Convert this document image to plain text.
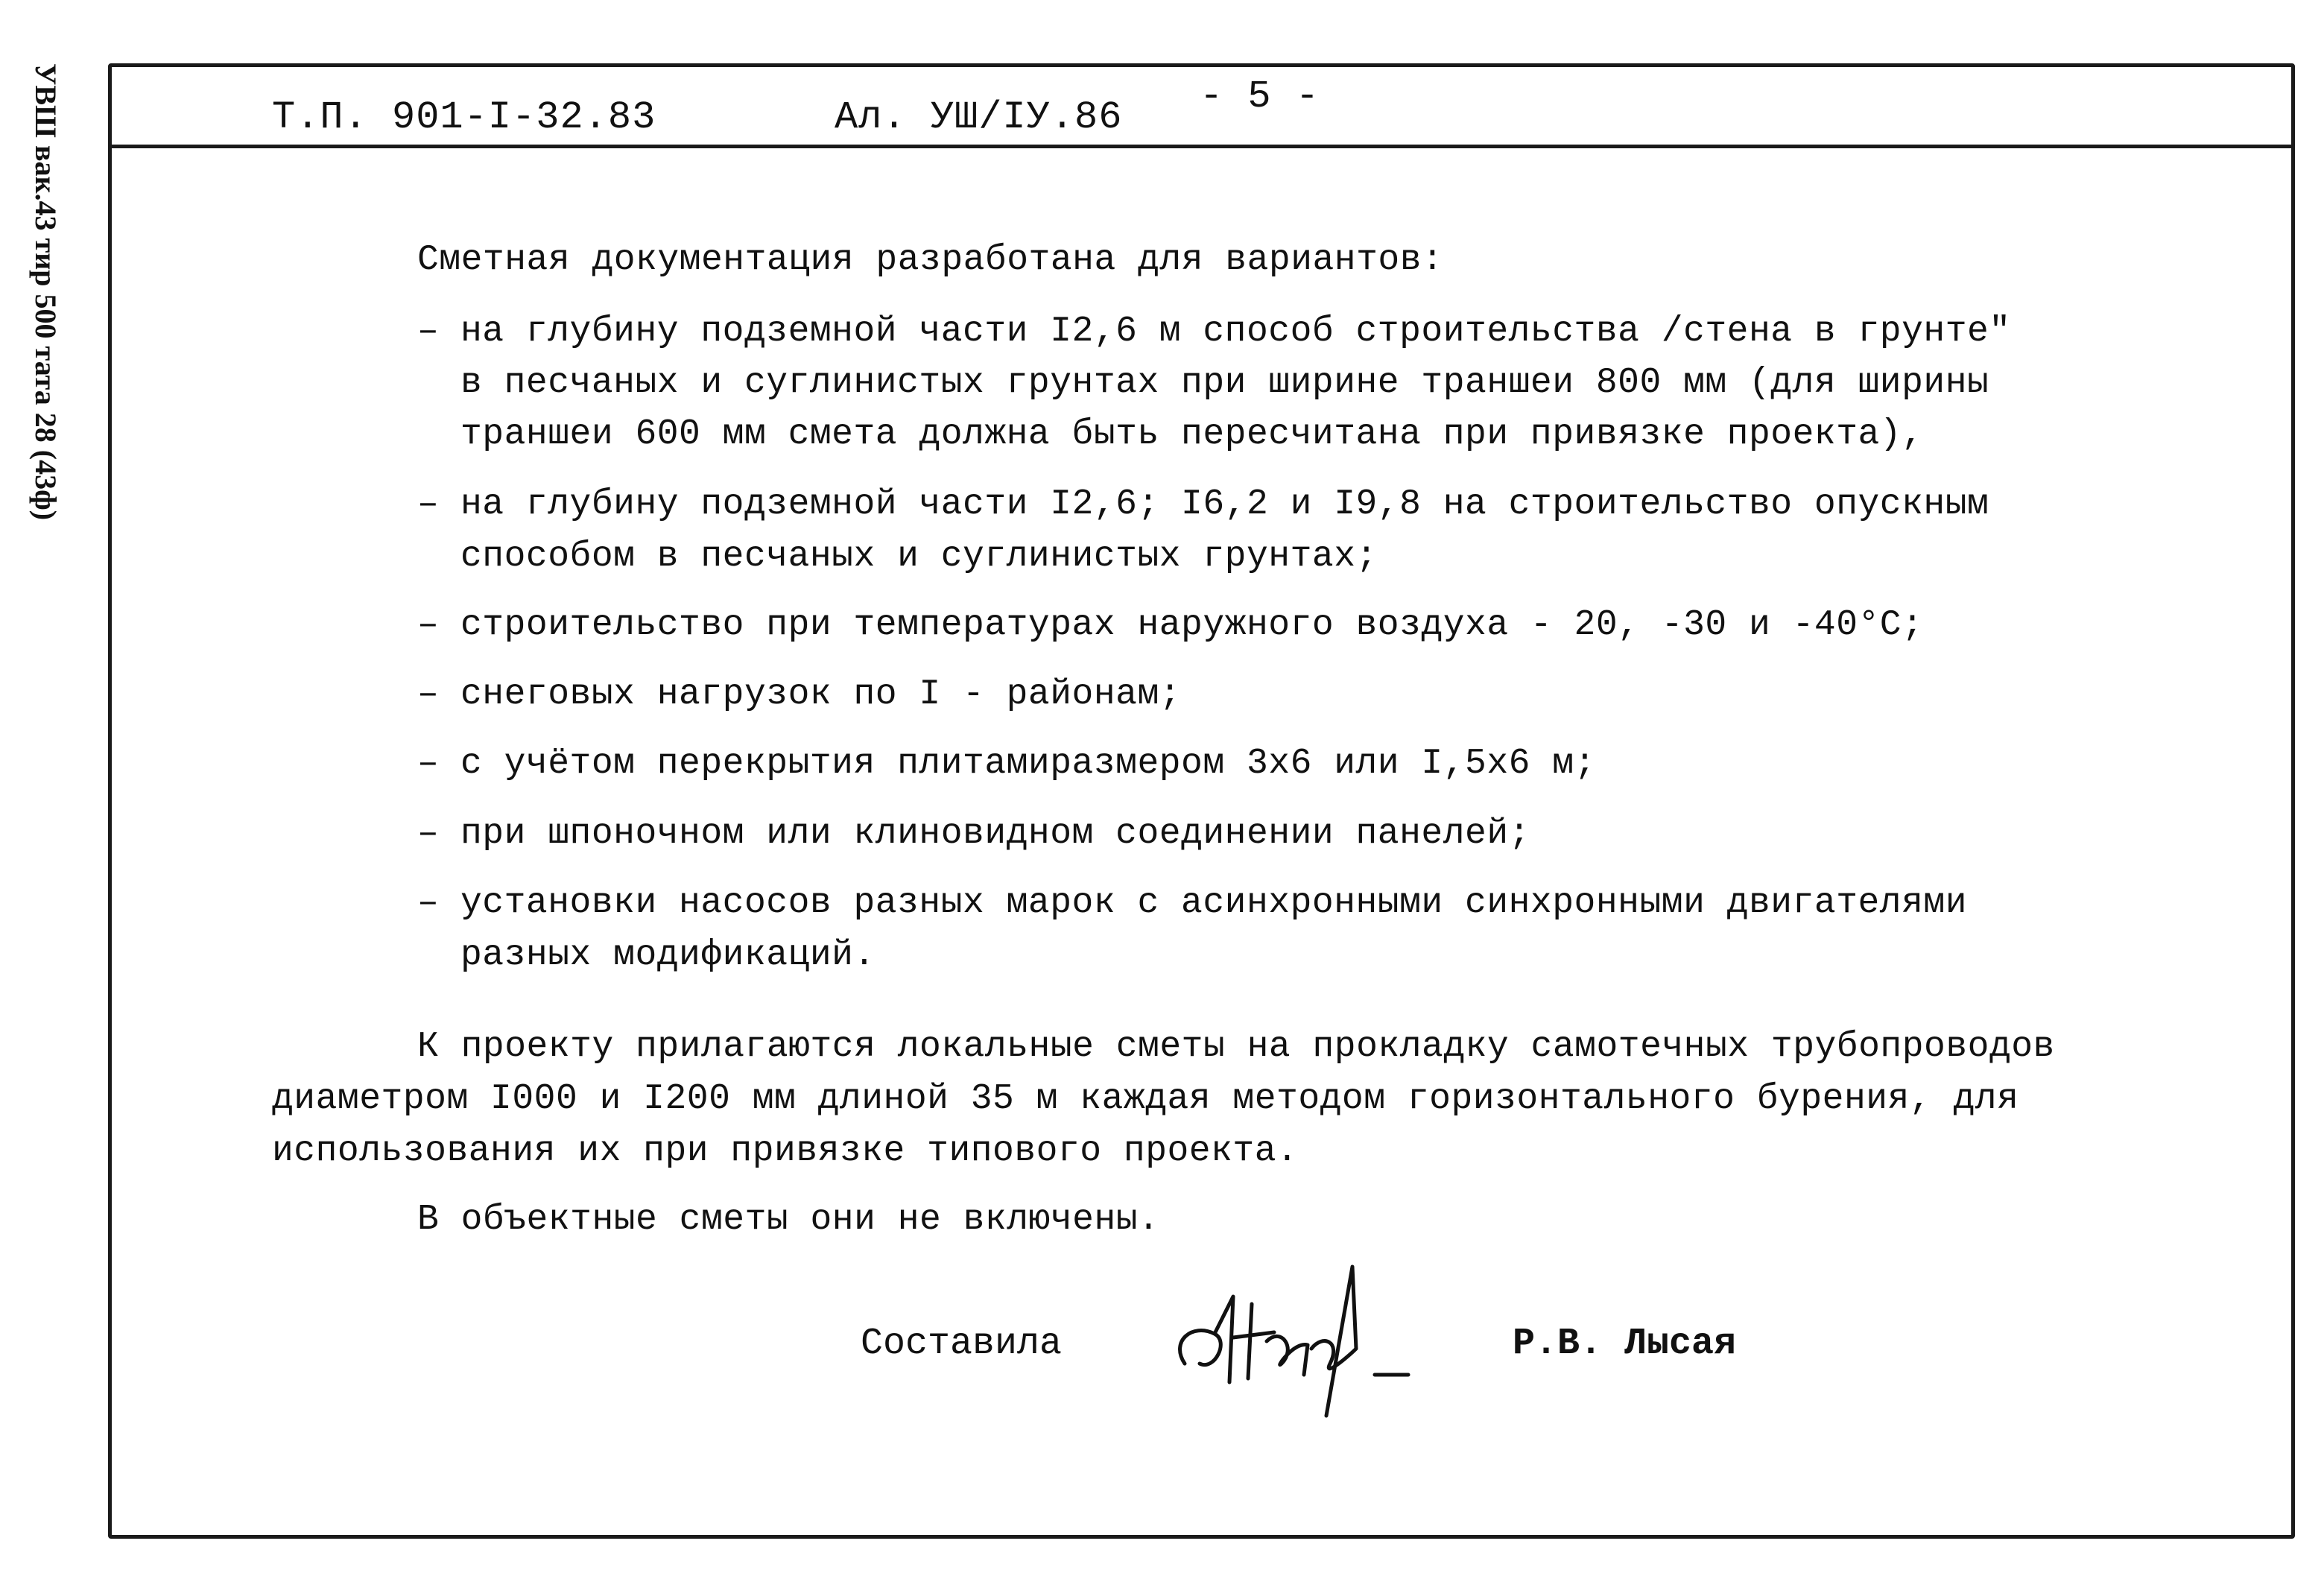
УВШ вак.43 тир 500 тата 28 (43ф)	Т.П. 901-I-32.83	Ал. УШ/IУ.86 - 5 -
Сметная документация разработана для вариантов:
– на глубину подземной части I2,6 м способ строительства /стена в грунте"
в песчаных и суглинистых грунтах при ширине траншеи 800 мм (для ширины
траншеи 600 мм смета должна быть пересчитана при привязке проекта),
– на глубину подземной части I2,6; I6,2 и I9,8 на строительство опускным
способом в песчаных и суглинистых грунтах;
– строительство при температурах наружного воздуха - 20, -30 и -40°С;
– снеговых нагрузок по I - районам;
– с учётом перекрытия плитамиразмером 3х6 или I,5х6 м;
– при шпоночном или клиновидном соединении панелей;
– установки насосов разных марок с асинхронными синхронными двигателями
разных модификаций.
К проекту прилагаются локальные сметы на прокладку самотечных трубопроводов
диаметром I000 и I200 мм длиной 35 м каждая методом горизонтального бурения, для
использования их при привязке типового проекта.
В объектные сметы они не включены.
Составила	Р.В. Лысая
